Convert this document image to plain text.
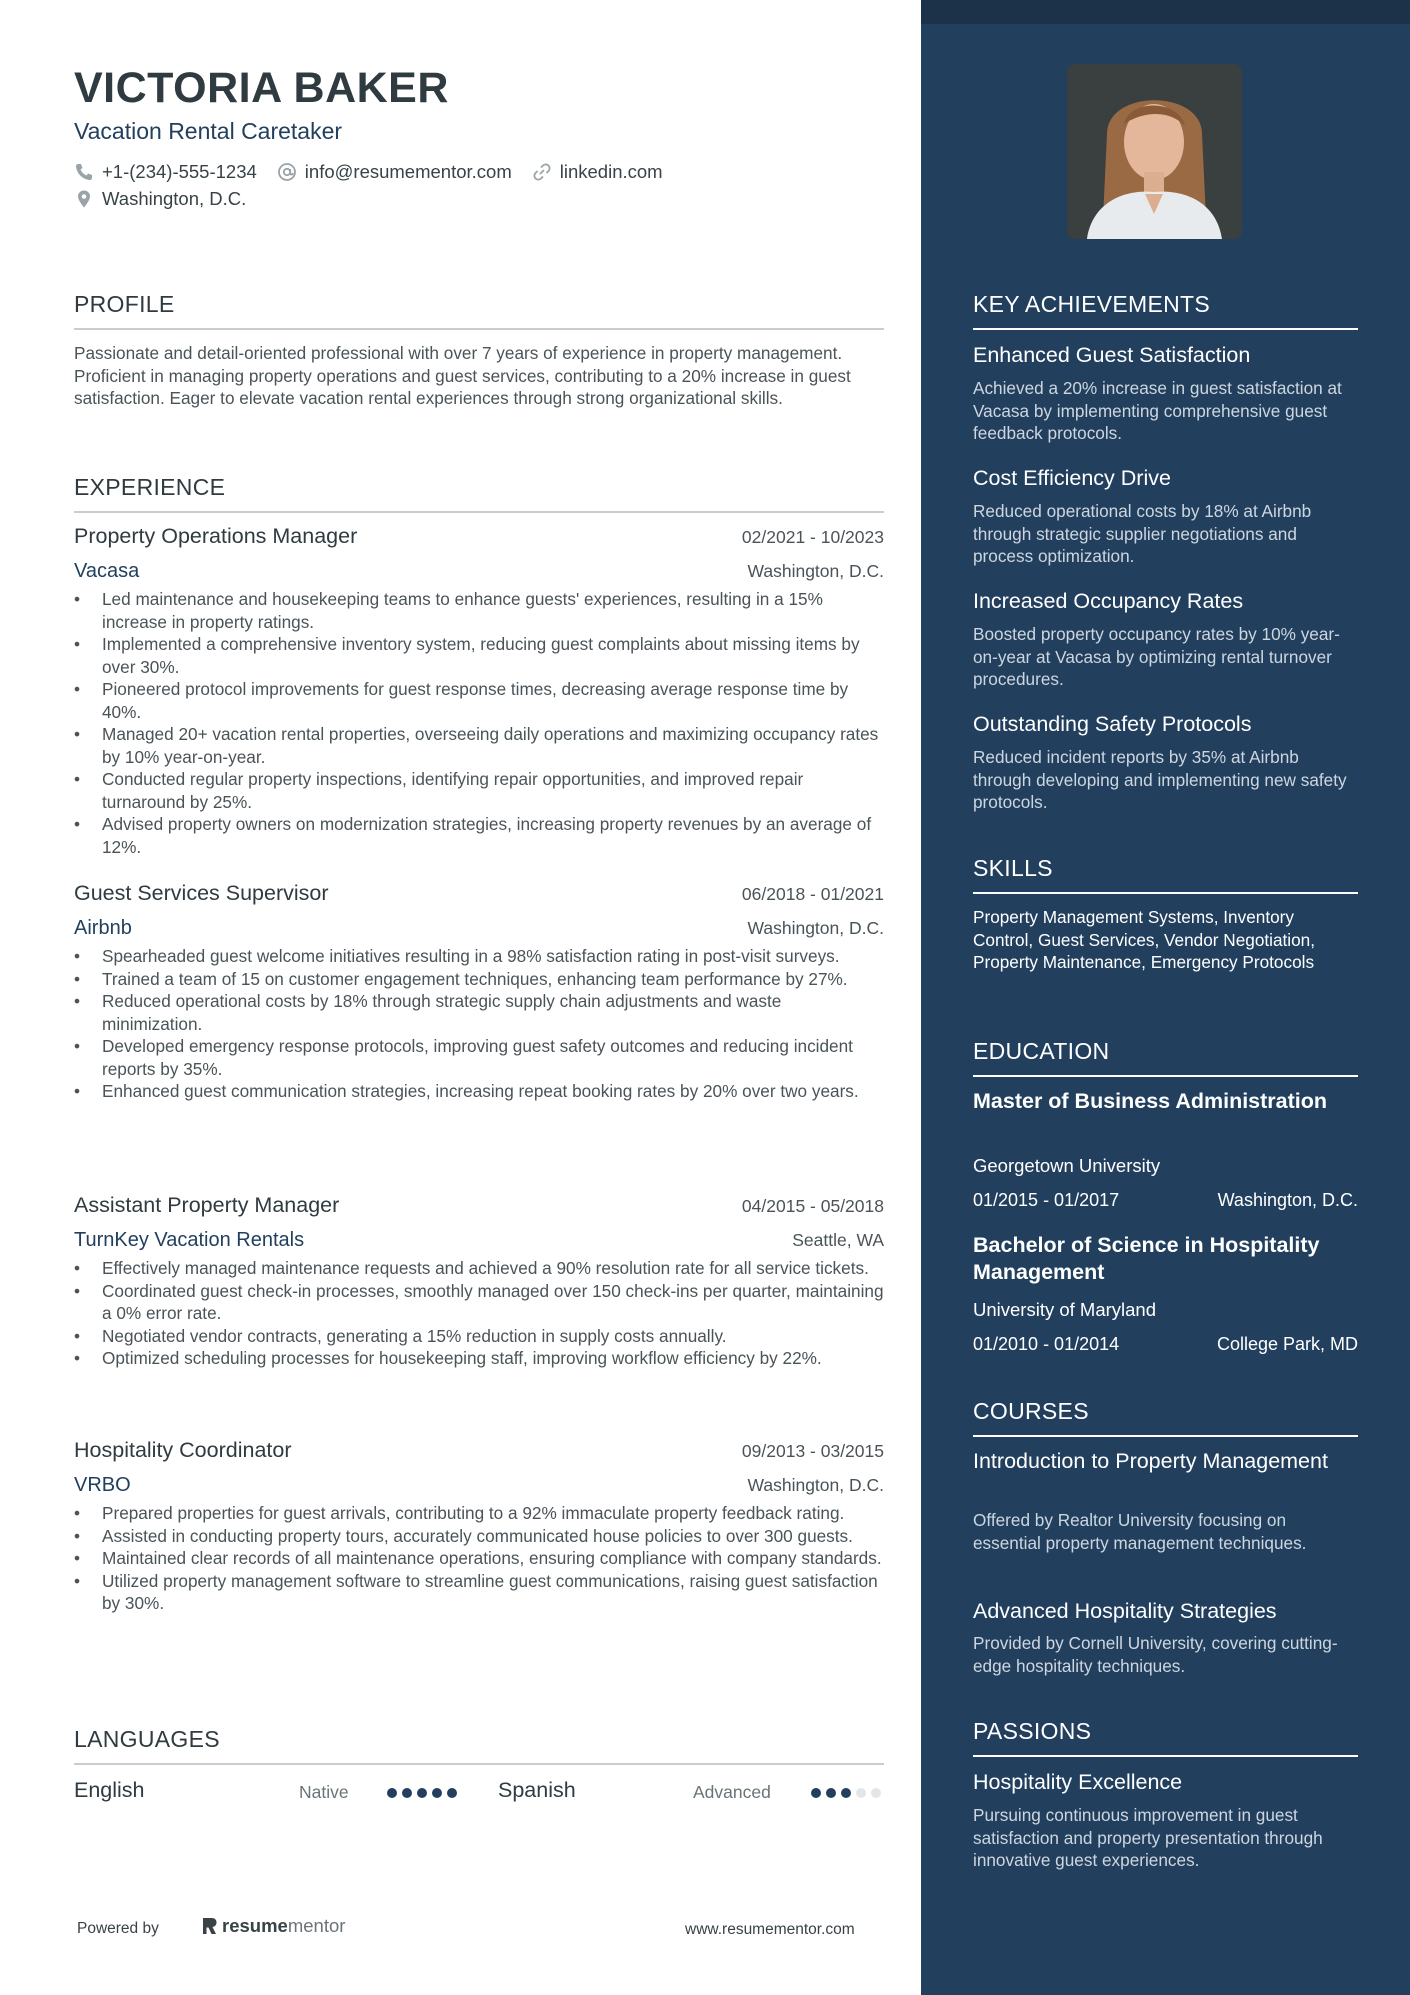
VICTORIA BAKER
Vacation Rental Caretaker
+1-(234)-555-1234	info@resumementor.com	linkedin.com
Washington, D.C.
PROFILE
Passionate and detail-oriented professional with over 7 years of experience in property management. Proficient in managing property operations and guest services, contributing to a 20% increase in guest satisfaction. Eager to elevate vacation rental experiences through strong organizational skills.
EXPERIENCE
Property Operations Manager	02/2021 - 10/2023
Vacasa	Washington, D.C.
• Led maintenance and housekeeping teams to enhance guests' experiences, resulting in a 15% increase in property ratings.
• Implemented a comprehensive inventory system, reducing guest complaints about missing items by over 30%.
• Pioneered protocol improvements for guest response times, decreasing average response time by 40%.
• Managed 20+ vacation rental properties, overseeing daily operations and maximizing occupancy rates by 10% year-on-year.
• Conducted regular property inspections, identifying repair opportunities, and improved repair turnaround by 25%.
• Advised property owners on modernization strategies, increasing property revenues by an average of 12%.
Guest Services Supervisor	06/2018 - 01/2021
Airbnb	Washington, D.C.
• Spearheaded guest welcome initiatives resulting in a 98% satisfaction rating in post-visit surveys.
• Trained a team of 15 on customer engagement techniques, enhancing team performance by 27%.
• Reduced operational costs by 18% through strategic supply chain adjustments and waste minimization.
• Developed emergency response protocols, improving guest safety outcomes and reducing incident reports by 35%.
• Enhanced guest communication strategies, increasing repeat booking rates by 20% over two years.
Assistant Property Manager	04/2015 - 05/2018
TurnKey Vacation Rentals	Seattle, WA
• Effectively managed maintenance requests and achieved a 90% resolution rate for all service tickets.
• Coordinated guest check-in processes, smoothly managed over 150 check-ins per quarter, maintaining a 0% error rate.
• Negotiated vendor contracts, generating a 15% reduction in supply costs annually.
• Optimized scheduling processes for housekeeping staff, improving workflow efficiency by 22%.
Hospitality Coordinator	09/2013 - 03/2015
VRBO	Washington, D.C.
• Prepared properties for guest arrivals, contributing to a 92% immaculate property feedback rating.
• Assisted in conducting property tours, accurately communicated house policies to over 300 guests.
• Maintained clear records of all maintenance operations, ensuring compliance with company standards.
• Utilized property management software to streamline guest communications, raising guest satisfaction by 30%.
LANGUAGES
English	Native	Spanish	Advanced
Powered by	resume mentor	www.resumementor.com
KEY ACHIEVEMENTS
Enhanced Guest Satisfaction
Achieved a 20% increase in guest satisfaction at Vacasa by implementing comprehensive guest feedback protocols.
Cost Efficiency Drive
Reduced operational costs by 18% at Airbnb through strategic supplier negotiations and process optimization.
Increased Occupancy Rates
Boosted property occupancy rates by 10% year-on-year at Vacasa by optimizing rental turnover procedures.
Outstanding Safety Protocols
Reduced incident reports by 35% at Airbnb through developing and implementing new safety protocols.
SKILLS
Property Management Systems, Inventory Control, Guest Services, Vendor Negotiation, Property Maintenance, Emergency Protocols
EDUCATION
Master of Business Administration
Georgetown University
01/2015 - 01/2017	Washington, D.C.
Bachelor of Science in Hospitality Management
University of Maryland
01/2010 - 01/2014	College Park, MD
COURSES
Introduction to Property Management
Offered by Realtor University focusing on essential property management techniques.
Advanced Hospitality Strategies
Provided by Cornell University, covering cutting-edge hospitality techniques.
PASSIONS
Hospitality Excellence
Pursuing continuous improvement in guest satisfaction and property presentation through innovative guest experiences.
